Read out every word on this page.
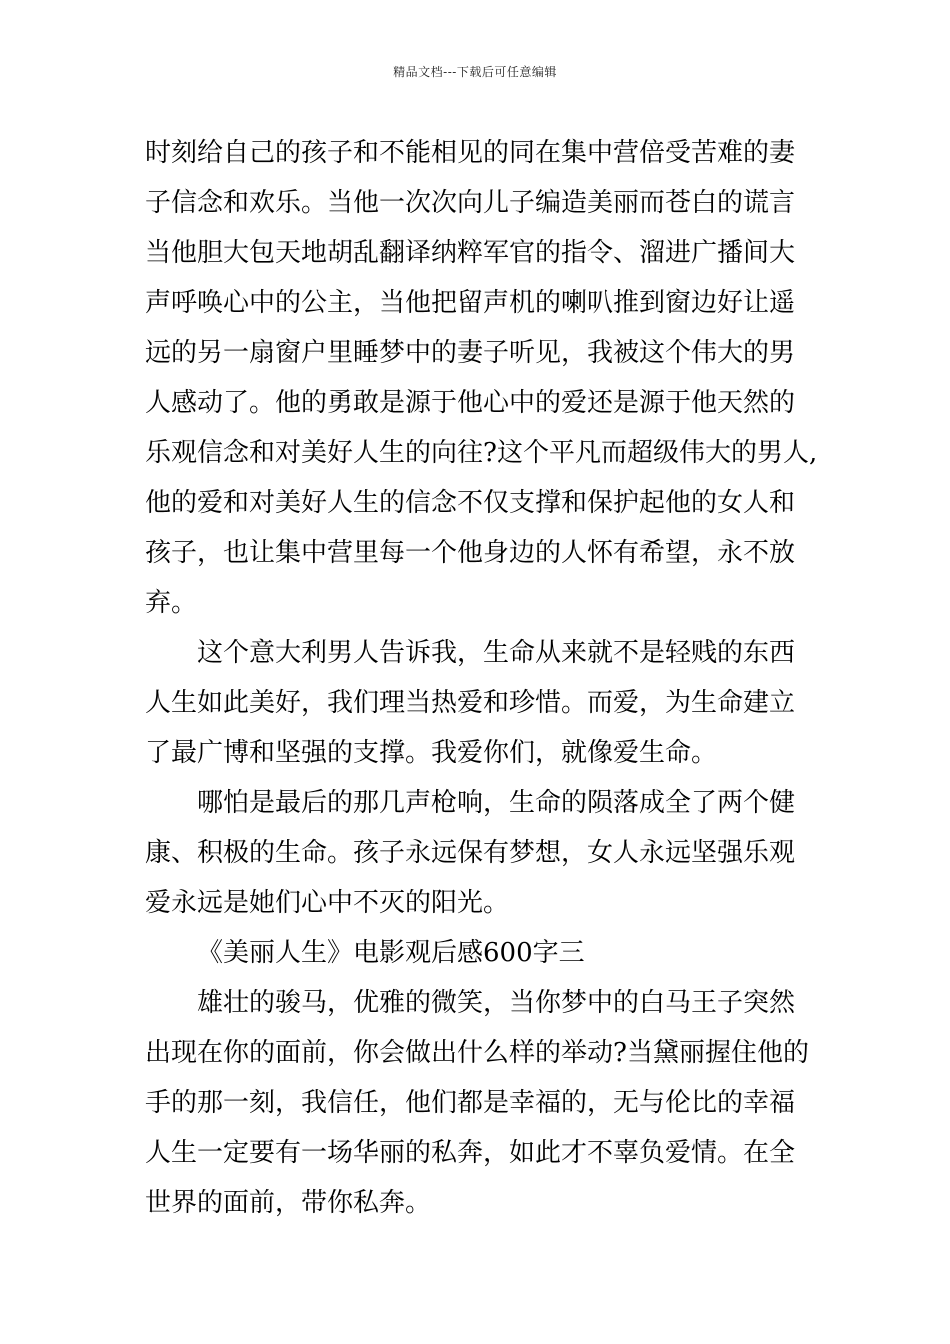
精品文档---下载后可任意编辑
时刻给自己的孩子和不能相见的同在集中营倍受苦难的妻
子信念和欢乐。当他一次次向儿子编造美丽而苍白的谎言
当他胆大包天地胡乱翻译纳粹军官的指令、溜进广播间大
声呼唤心中的公主，当他把留声机的喇叭推到窗边好让遥
远的另一扇窗户里睡梦中的妻子听见，我被这个伟大的男
人感动了。他的勇敢是源于他心中的爱还是源于他天然的
乐观信念和对美好人生的向往?这个平凡而超级伟大的男人,
他的爱和对美好人生的信念不仅支撑和保护起他的女人和
孩子，也让集中营里每一个他身边的人怀有希望，永不放
弃。
这个意大利男人告诉我，生命从来就不是轻贱的东西
人生如此美好，我们理当热爱和珍惜。而爱，为生命建立
了最广博和坚强的支撑。我爱你们，就像爱生命。
哪怕是最后的那几声枪响，生命的陨落成全了两个健
康、积极的生命。孩子永远保有梦想，女人永远坚强乐观
爱永远是她们心中不灭的阳光。
《美丽人生》电影观后感600字三
雄壮的骏马，优雅的微笑，当你梦中的白马王子突然
出现在你的面前，你会做出什么样的举动?当黛丽握住他的
手的那一刻，我信任，他们都是幸福的，无与伦比的幸福
人生一定要有一场华丽的私奔，如此才不辜负爱情。在全
世界的面前，带你私奔。
